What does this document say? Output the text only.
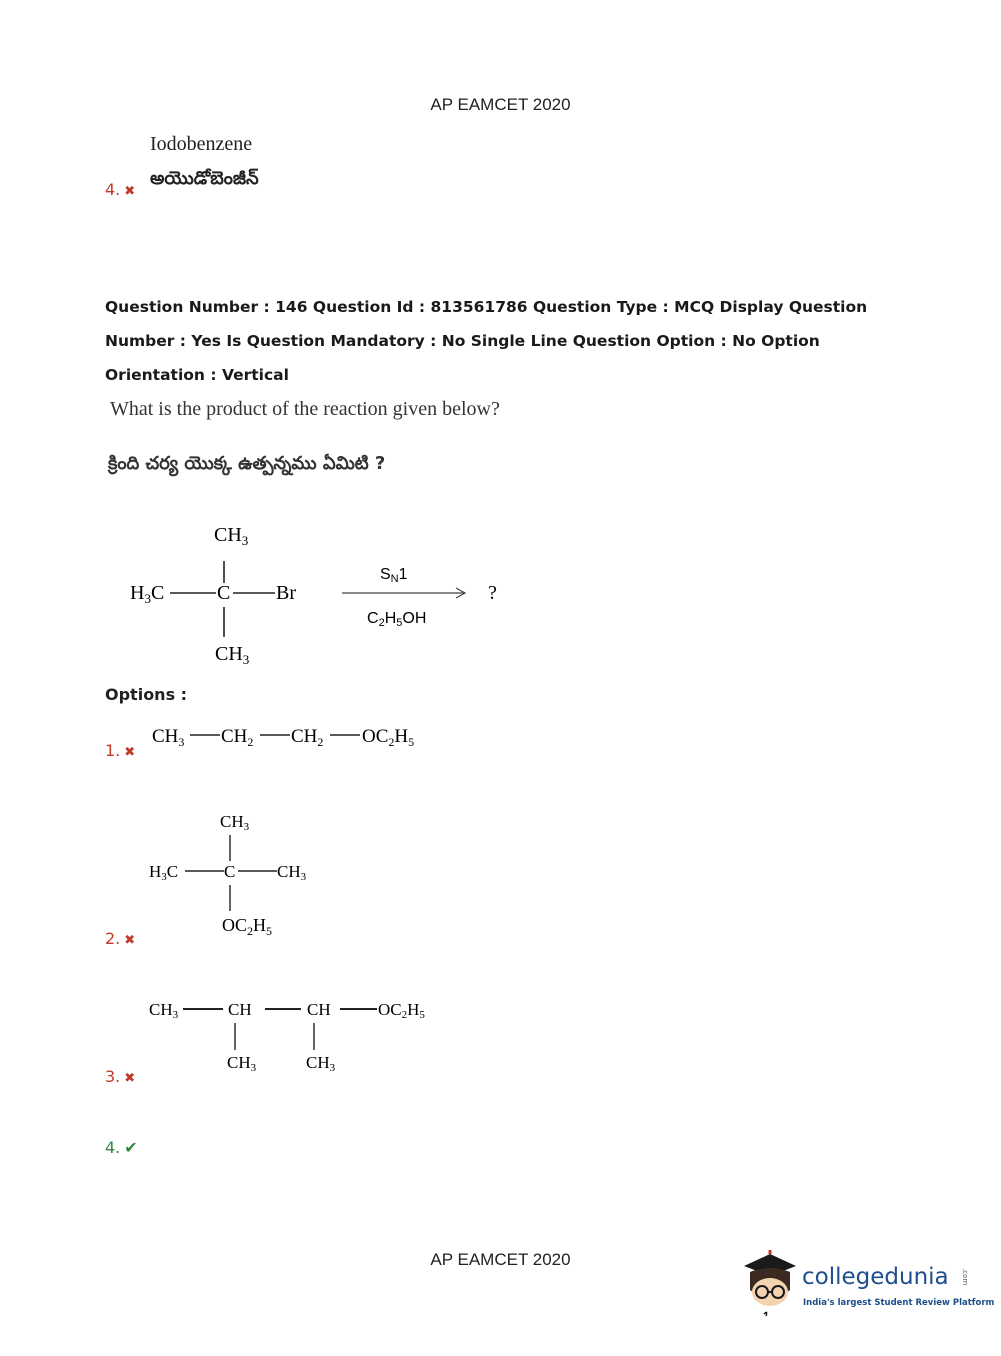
AP EAMCET 2020
Iodobenzene
అయొడోబెంజీన్
4. ✖
Question Number : 146 Question Id : 813561786 Question Type : MCQ Display Question
Number : Yes Is Question Mandatory : No Single Line Question Option : No Option
Orientation : Vertical
What is the product of the reaction given below?
క్రింది చర్య యొక్క ఉత్పన్నము ఏమిటి ?
$CH_3$
$H_3C$	C Br
$CH_3$
SN1
C2H5OH
?
Options :
$CH_3$ $CH_2$ $CH_2$ $OC_2H_5$
1. ✖
CH3
H3C	C CH3
$OC_2H_5$
2. ✖
CH3	CH	CH	OC2H5
CH3	CH3
3. ✖
4. ✔
AP EAMCET 2020
collegedunia .com
India's largest Student Review Platform
